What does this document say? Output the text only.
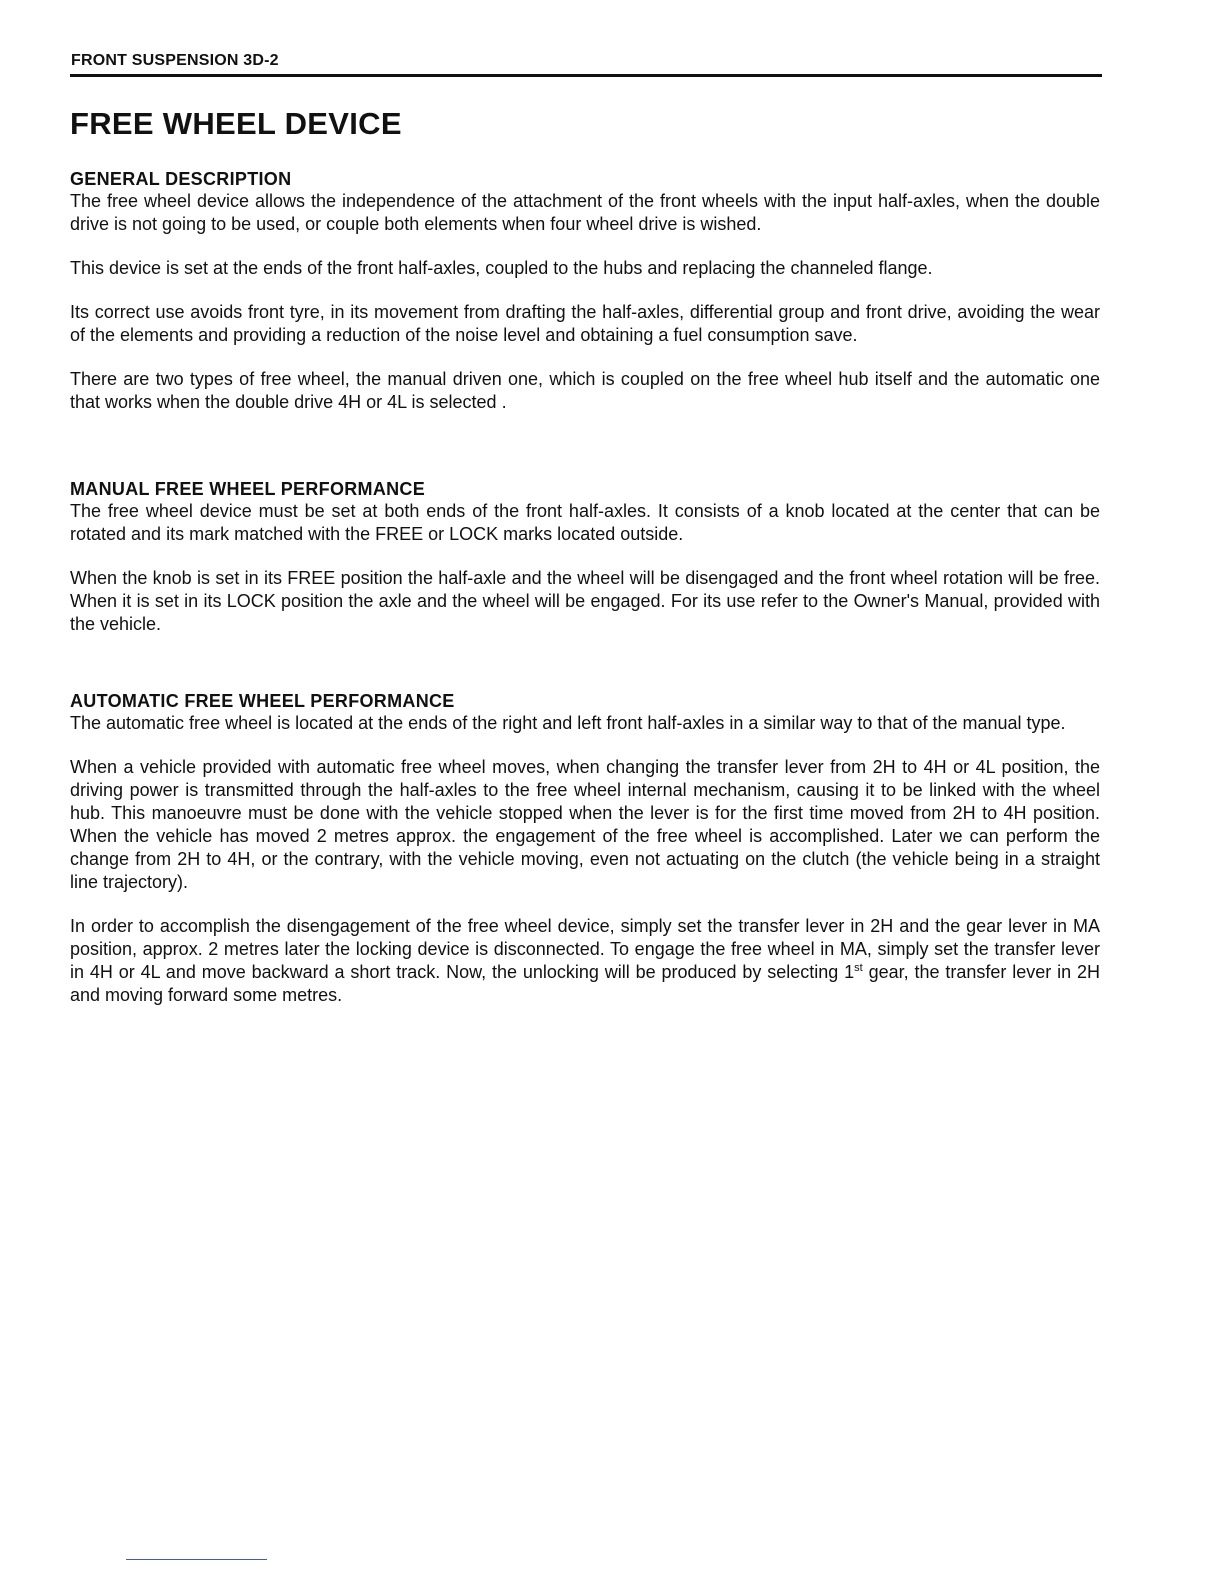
FRONT SUSPENSION 3D-2
FREE WHEEL DEVICE
GENERAL DESCRIPTION

The free wheel device allows the independence of the attachment of the front wheels with the input half-axles, when the double drive is not going to be used, or couple both elements when four wheel drive is wished.

This device is set at the ends of the front half-axles, coupled to the hubs and replacing the channeled flange.

Its correct use avoids front tyre, in its movement from drafting the half-axles, differential group and front drive, avoiding the wear of the elements and providing a reduction of the noise level and obtaining a fuel consumption save.

There are two types of free wheel, the manual driven one, which is coupled on the free wheel hub itself and the automatic one that works when the double drive 4H or 4L is selected .

MANUAL FREE WHEEL PERFORMANCE

The free wheel device must be set at both ends of the front half-axles. It consists of a knob located at the center that can be rotated and its mark matched with the FREE or LOCK marks located outside.

When the knob is set in its FREE position the half-axle and the wheel will be disengaged and the front wheel rotation will be free. When it is set in its LOCK position the axle and the wheel will be engaged. For its use refer to the Owner's Manual, provided with the vehicle.

AUTOMATIC FREE WHEEL PERFORMANCE

The automatic free wheel is located at the ends of the right and left front half-axles in a similar way to that of the manual type.

When a vehicle provided with automatic free wheel moves, when changing the transfer lever from 2H to 4H or 4L position, the driving power is transmitted through the half-axles to the free wheel internal mechanism, causing it to be linked with the wheel hub. This manoeuvre must be done with the vehicle stopped when the lever is for the first time moved from 2H to 4H position. When the vehicle has moved 2 metres approx. the engagement of the free wheel is accomplished. Later we can perform the change from 2H to 4H, or the contrary, with the vehicle moving, even not actuating on the clutch (the vehicle being in a straight line trajectory).

In order to accomplish the disengagement of the free wheel device, simply set the transfer lever in 2H and the gear lever in MA position, approx. 2 metres later the locking device is disconnected. To engage the free wheel in MA, simply set the transfer lever in 4H or 4L and move backward a short track. Now, the unlocking will be produced by selecting 1st gear, the transfer lever in 2H and moving forward some metres.
